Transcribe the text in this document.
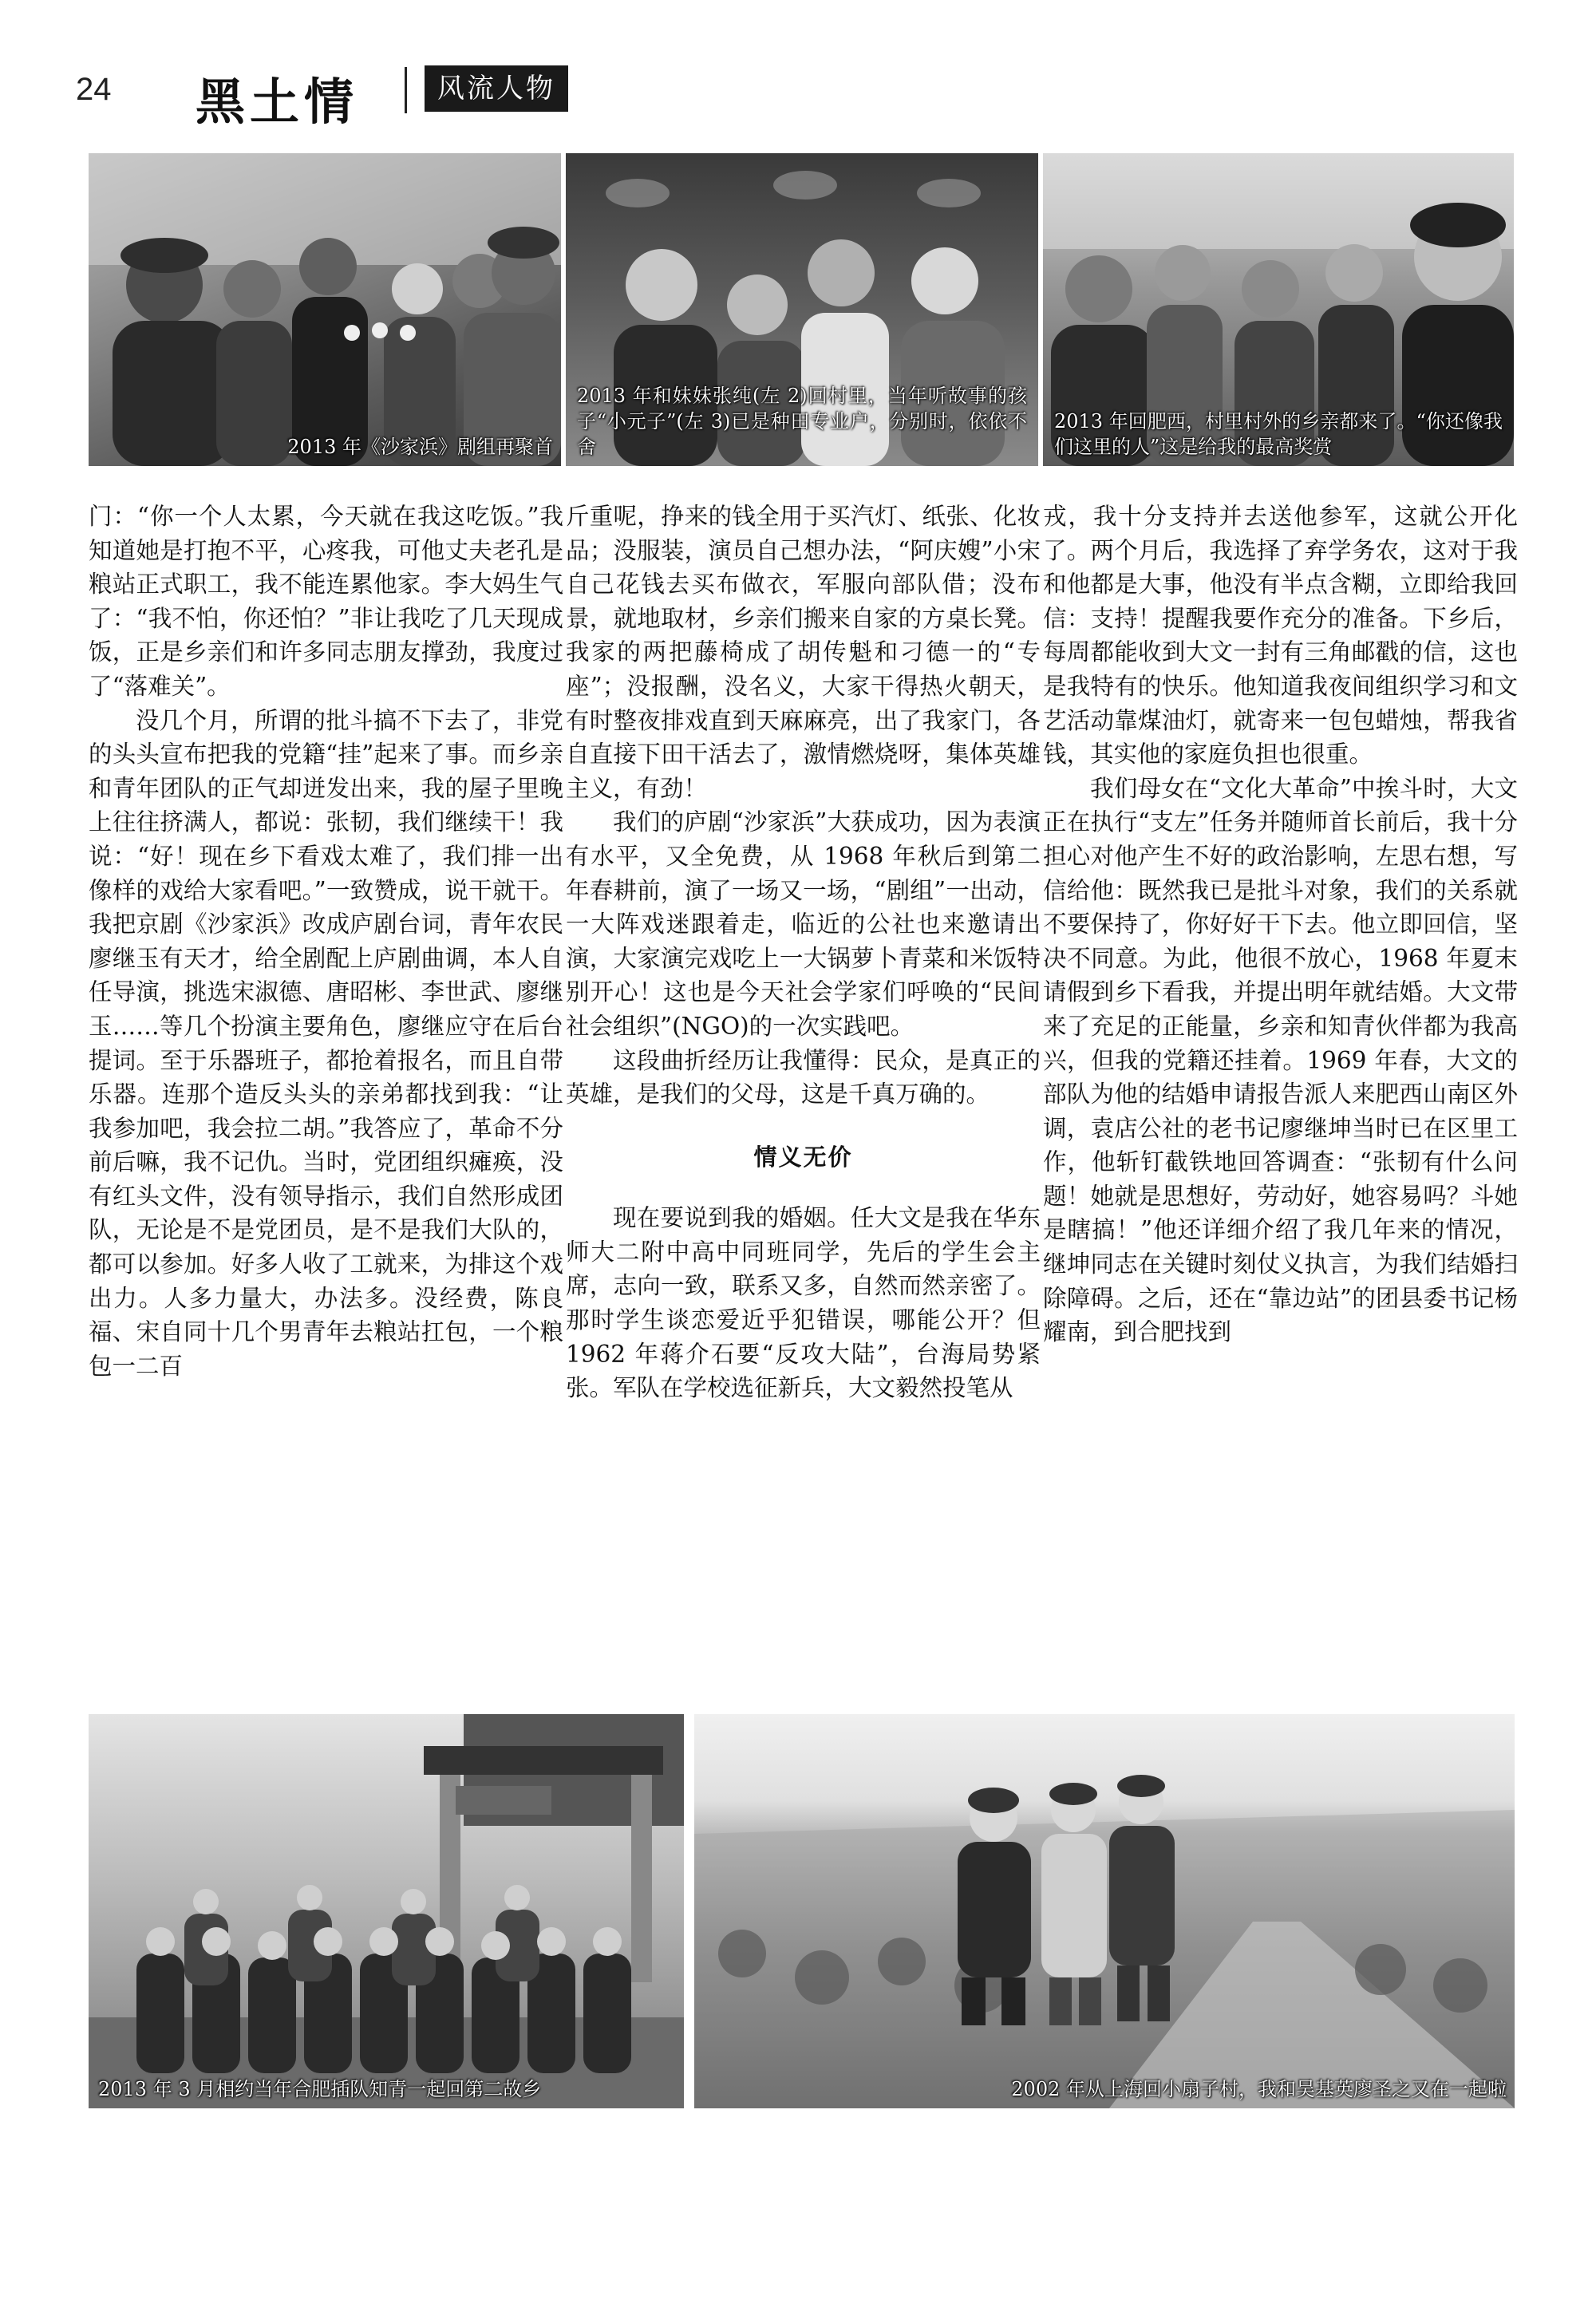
24 黑土情	风流人物
2013 年《沙家浜》剧组再聚首
2013 年和妹妹张纯(左 2)回村里，当年听故事的孩子“小元子”(左 3)已是种田专业户，分别时，依依不舍
2013 年回肥西，村里村外的乡亲都来了。“你还像我们这里的人”这是给我的最高奖赏

门：“你一个人太累，今天就在我这吃饭。”我知道她是打抱不平，心疼我，可他丈夫老孔是粮站正式职工，我不能连累他家。李大妈生气了：“我不怕，你还怕？”非让我吃了几天现成饭，正是乡亲们和许多同志朋友撑劲，我度过了“落难关”。

没几个月，所谓的批斗搞不下去了，非党的头头宣布把我的党籍“挂”起来了事。而乡亲和青年团队的正气却迸发出来，我的屋子里晚上往往挤满人，都说：张韧，我们继续干！我说：“好！现在乡下看戏太难了，我们排一出像样的戏给大家看吧。”一致赞成，说干就干。我把京剧《沙家浜》改成庐剧台词，青年农民廖继玉有天才，给全剧配上庐剧曲调，本人自任导演，挑选宋淑德、唐昭彬、李世武、廖继玉……等几个扮演主要角色，廖继应守在后台提词。至于乐器班子，都抢着报名，而且自带乐器。连那个造反头头的亲弟都找到我：“让我参加吧，我会拉二胡。”我答应了，革命不分前后嘛，我不记仇。当时，党团组织瘫痪，没有红头文件，没有领导指示，我们自然形成团队，无论是不是党团员，是不是我们大队的，都可以参加。好多人收了工就来，为排这个戏出力。人多力量大，办法多。没经费，陈良福、宋自同十几个男青年去粮站扛包，一个粮包一二百

斤重呢，挣来的钱全用于买汽灯、纸张、化妆品；没服装，演员自己想办法，“阿庆嫂”小宋自己花钱去买布做衣，军服向部队借；没布景，就地取材，乡亲们搬来自家的方桌长凳。我家的两把藤椅成了胡传魁和刁德一的“专座”；没报酬，没名义，大家干得热火朝天，有时整夜排戏直到天麻麻亮，出了我家门，各自直接下田干活去了，激情燃烧呀，集体英雄主义，有劲！

我们的庐剧“沙家浜”大获成功，因为表演有水平，又全免费，从 1968 年秋后到第二年春耕前，演了一场又一场，“剧组”一出动，一大阵戏迷跟着走，临近的公社也来邀请出演，大家演完戏吃上一大锅萝卜青菜和米饭特别开心！这也是今天社会学家们呼唤的“民间社会组织”(NGO)的一次实践吧。

这段曲折经历让我懂得：民众，是真正的英雄，是我们的父母，这是千真万确的。

情义无价

现在要说到我的婚姻。任大文是我在华东师大二附中高中同班同学，先后的学生会主席，志向一致，联系又多，自然而然亲密了。那时学生谈恋爱近乎犯错误，哪能公开？但 1962 年蒋介石要“反攻大陆”，台海局势紧张。军队在学校选征新兵，大文毅然投笔从

戎，我十分支持并去送他参军，这就公开化了。两个月后，我选择了弃学务农，这对于我和他都是大事，他没有半点含糊，立即给我回信：支持！提醒我要作充分的准备。下乡后，每周都能收到大文一封有三角邮戳的信，这也是我特有的快乐。他知道我夜间组织学习和文艺活动靠煤油灯，就寄来一包包蜡烛，帮我省钱，其实他的家庭负担也很重。

我们母女在“文化大革命”中挨斗时，大文正在执行“支左”任务并随师首长前后，我十分担心对他产生不好的政治影响，左思右想，写信给他：既然我已是批斗对象，我们的关系就不要保持了，你好好干下去。他立即回信，坚决不同意。为此，他很不放心，1968 年夏末请假到乡下看我，并提出明年就结婚。大文带来了充足的正能量，乡亲和知青伙伴都为我高兴，但我的党籍还挂着。1969 年春，大文的部队为他的结婚申请报告派人来肥西山南区外调，袁店公社的老书记廖继坤当时已在区里工作，他斩钉截铁地回答调查：“张韧有什么问题！她就是思想好，劳动好，她容易吗？斗她是瞎搞！”他还详细介绍了我几年来的情况，继坤同志在关键时刻仗义执言，为我们结婚扫除障碍。之后，还在“靠边站”的团县委书记杨耀南，到合肥找到

2013 年 3 月相约当年合肥插队知青一起回第二故乡	2002 年从上海回小扇子村，我和吴基英廖圣之又在一起啦
